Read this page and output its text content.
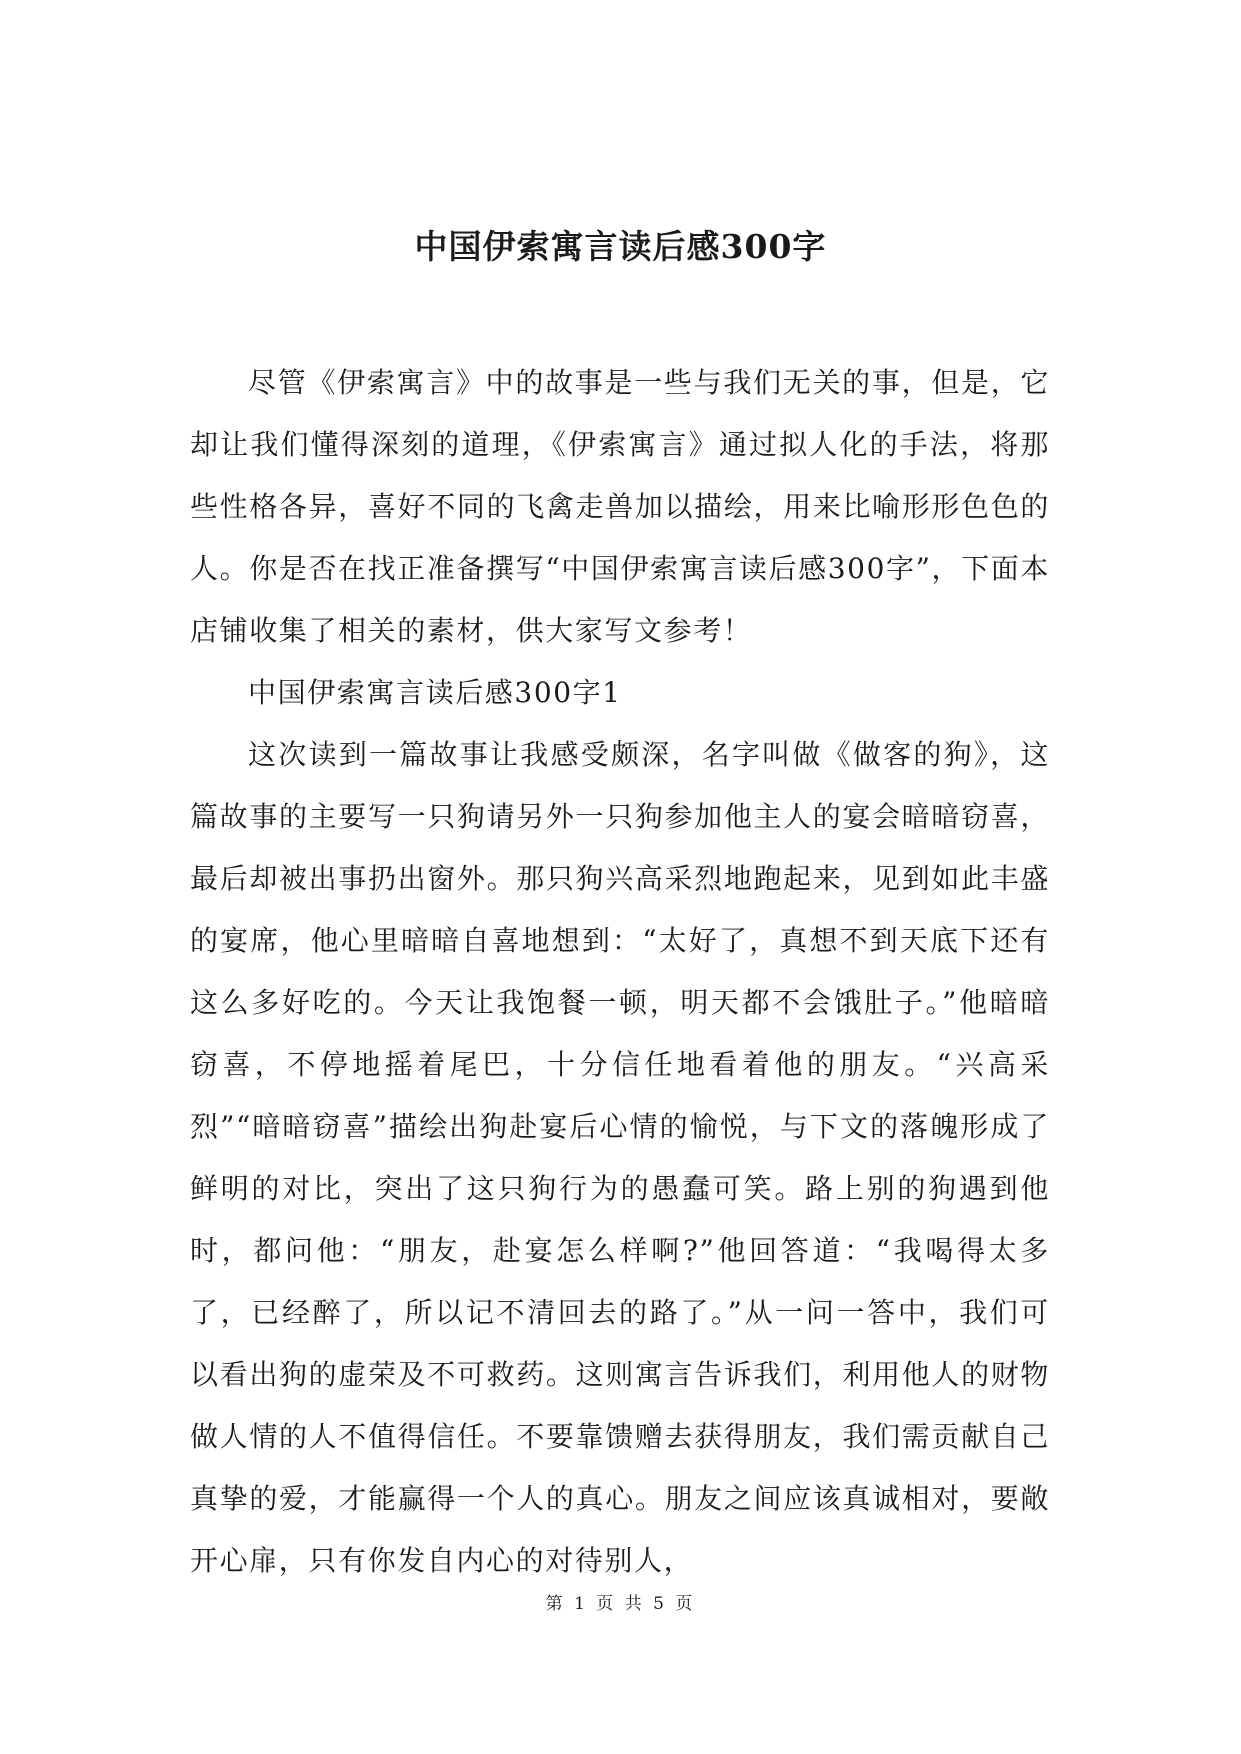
中国伊索寓言读后感300字

尽管《伊索寓言》中的故事是一些与我们无关的事，但是，它却让我们懂得深刻的道理，《伊索寓言》通过拟人化的手法，将那些性格各异，喜好不同的飞禽走兽加以描绘，用来比喻形形色色的人。你是否在找正准备撰写“中国伊索寓言读后感300字”，下面本店铺收集了相关的素材，供大家写文参考！

中国伊索寓言读后感300字1

这次读到一篇故事让我感受颇深，名字叫做《做客的狗》，这篇故事的主要写一只狗请另外一只狗参加他主人的宴会暗暗窃喜，最后却被出事扔出窗外。那只狗兴高采烈地跑起来，见到如此丰盛的宴席，他心里暗暗自喜地想到：“太好了，真想不到天底下还有这么多好吃的。今天让我饱餐一顿，明天都不会饿肚子。”他暗暗窃喜，不停地摇着尾巴，十分信任地看着他的朋友。“兴高采烈”“暗暗窃喜”描绘出狗赴宴后心情的愉悦，与下文的落魄形成了鲜明的对比，突出了这只狗行为的愚蠢可笑。路上别的狗遇到他时，都问他：“朋友，赴宴怎么样啊?”他回答道：“我喝得太多了，已经醉了，所以记不清回去的路了。”从一问一答中，我们可以看出狗的虚荣及不可救药。这则寓言告诉我们，利用他人的财物做人情的人不值得信任。不要靠馈赠去获得朋友，我们需贡献自己真挚的爱，才能赢得一个人的真心。朋友之间应该真诚相对，要敞开心扉，只有你发自内心的对待别人，

第 1 页 共 5 页
